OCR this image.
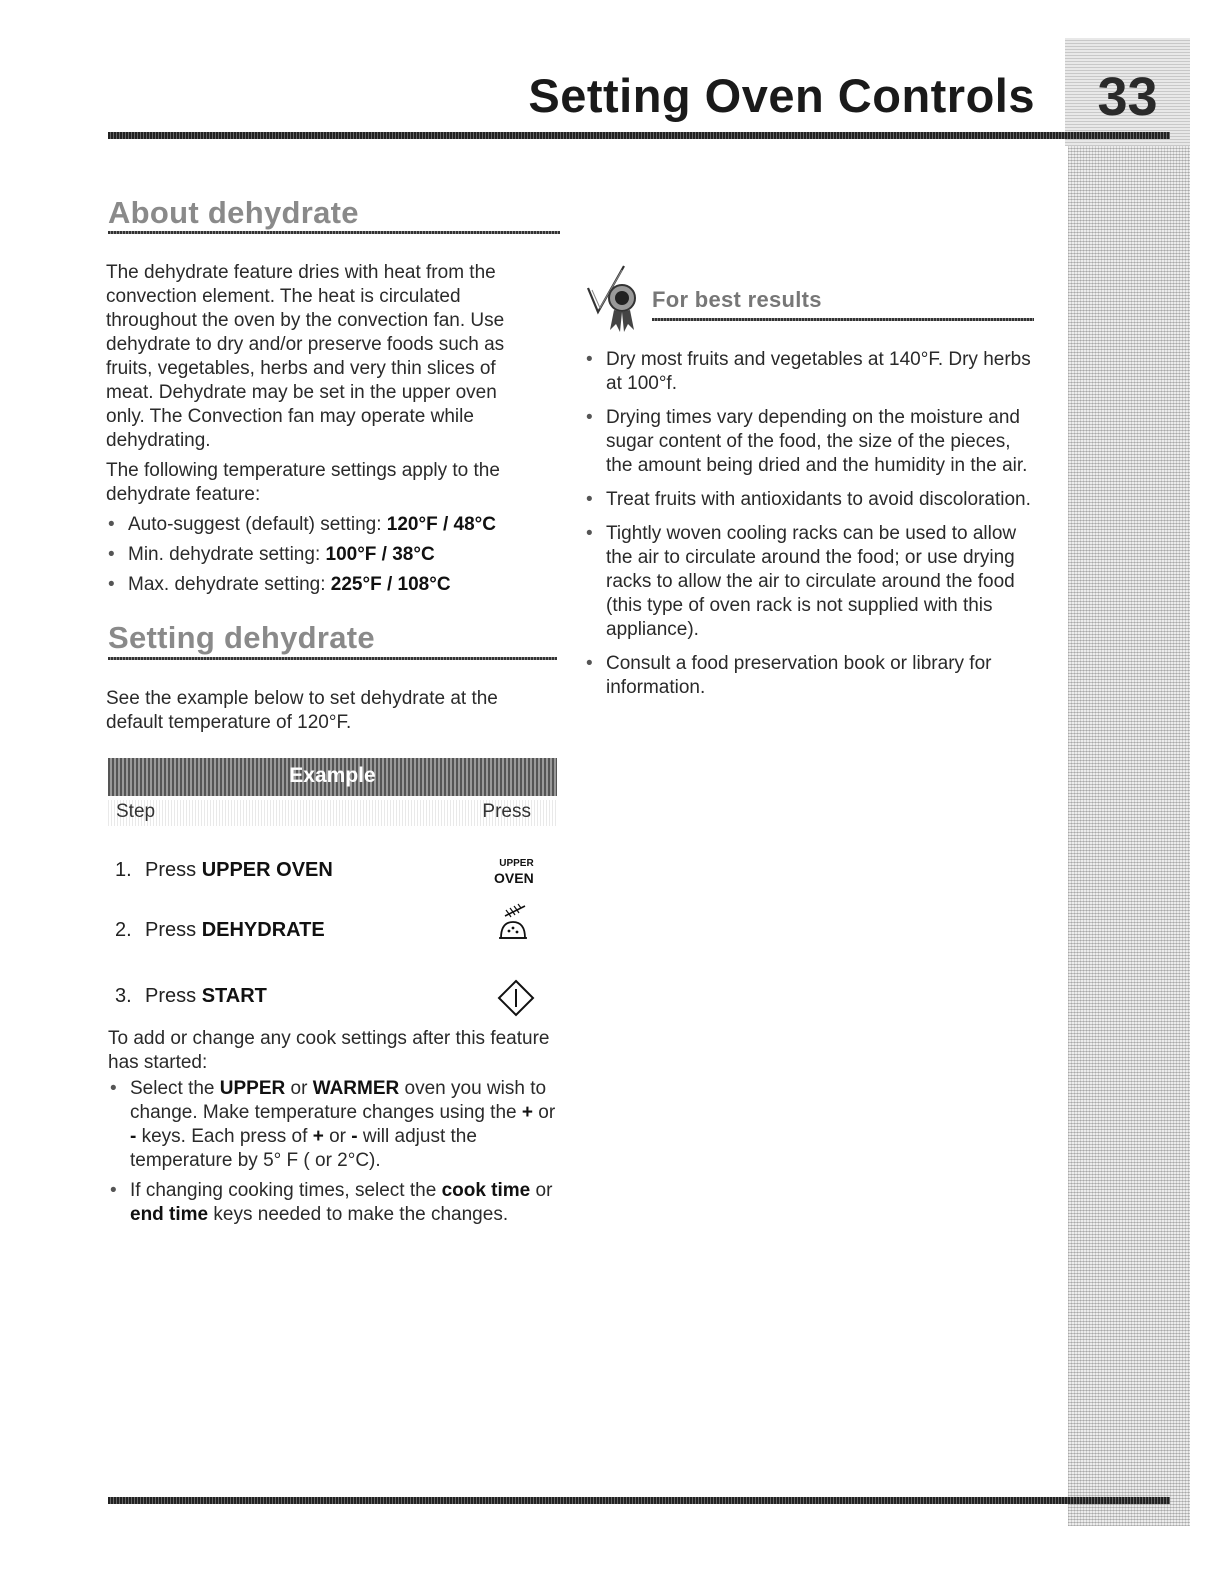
33
Setting Oven Controls
About dehydrate

The dehydrate feature dries with heat from the convection element. The heat is circulated throughout the oven by the convection fan. Use dehydrate to dry and/or preserve foods such as fruits, vegetables, herbs and very thin slices of meat. Dehydrate may be set in the upper oven only. The Convection fan may operate while dehydrating.

The following temperature settings apply to the dehydrate feature:

• Auto-suggest (default) setting: 120°F / 48°C
• Min. dehydrate setting: 100°F / 38°C
• Max. dehydrate setting: 225°F / 108°C
Setting dehydrate
See the example below to set dehydrate at the default temperature of 120°F.
Example
Step	Press
1. Press UPPER OVEN	UPPER
OVEN
2. Press DEHYDRATE
3. Press START

To add or change any cook settings after this feature has started:

• Select the UPPER or WARMER oven you wish to change. Make temperature changes using the + or - keys. Each press of + or - will adjust the temperature by 5° F ( or 2°C).
• If changing cooking times, select the cook time or end time keys needed to make the changes.
For best results
• Dry most fruits and vegetables at 140°F. Dry herbs at 100°f.
• Drying times vary depending on the moisture and sugar content of the food, the size of the pieces, the amount being dried and the humidity in the air.
• Treat fruits with antioxidants to avoid discoloration.
• Tightly woven cooling racks can be used to allow the air to circulate around the food; or use drying racks to allow the air to circulate around the food (this type of oven rack is not supplied with this appliance).
• Consult a food preservation book or library for information.
